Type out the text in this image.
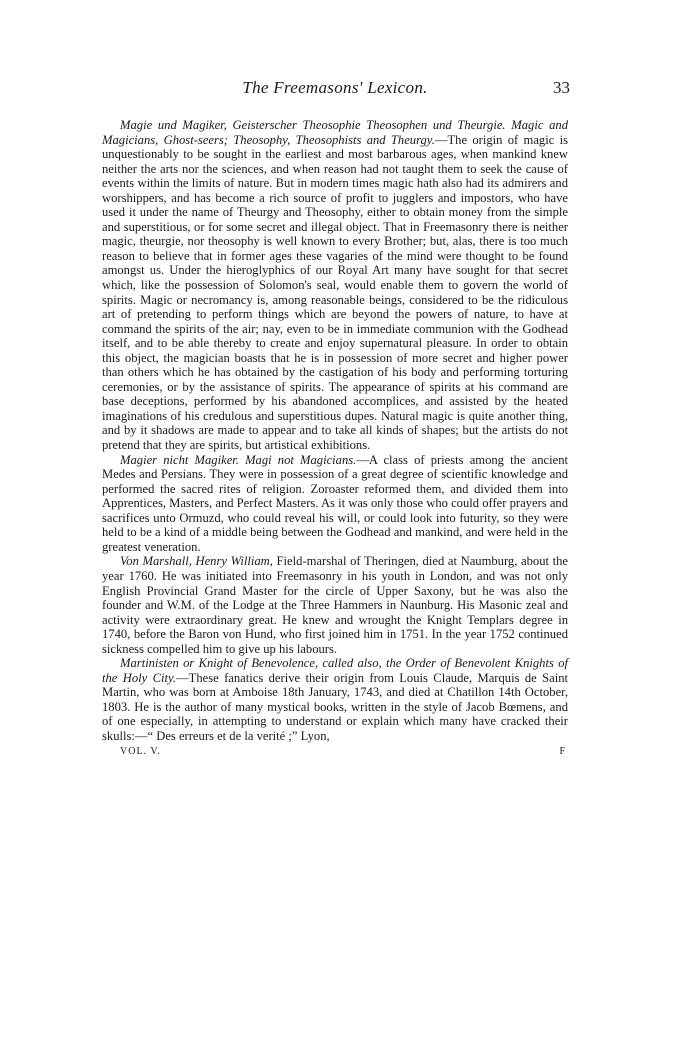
The Freemasons' Lexicon.	33

Magie und Magiker, Geisterscher Theosophie Theosophen und Theurgie. Magic and Magicians, Ghost-seers; Theosophy, Theosophists and Theurgy.—The origin of magic is unquestionably to be sought in the earliest and most barbarous ages, when mankind knew neither the arts nor the sciences, and when reason had not taught them to seek the cause of events within the limits of nature. But in modern times magic hath also had its admirers and worshippers, and has become a rich source of profit to jugglers and impostors, who have used it under the name of Theurgy and Theosophy, either to obtain money from the simple and superstitious, or for some secret and illegal object. That in Freemasonry there is neither magic, theurgie, nor theosophy is well known to every Brother; but, alas, there is too much reason to believe that in former ages these vagaries of the mind were thought to be found amongst us. Under the hieroglyphics of our Royal Art many have sought for that secret which, like the possession of Solomon's seal, would enable them to govern the world of spirits. Magic or necromancy is, among reasonable beings, considered to be the ridiculous art of pretending to perform things which are beyond the powers of nature, to have at command the spirits of the air; nay, even to be in immediate communion with the Godhead itself, and to be able thereby to create and enjoy supernatural pleasure. In order to obtain this object, the magician boasts that he is in possession of more secret and higher power than others which he has obtained by the castigation of his body and performing torturing ceremonies, or by the assistance of spirits. The appearance of spirits at his command are base deceptions, performed by his abandoned accomplices, and assisted by the heated imaginations of his credulous and superstitious dupes. Natural magic is quite another thing, and by it shadows are made to appear and to take all kinds of shapes; but the artists do not pretend that they are spirits, but artistical exhibitions.

Magier nicht Magiker. Magi not Magicians.—A class of priests among the ancient Medes and Persians. They were in possession of a great degree of scientific knowledge and performed the sacred rites of religion. Zoroaster reformed them, and divided them into Apprentices, Masters, and Perfect Masters. As it was only those who could offer prayers and sacrifices unto Ormuzd, who could reveal his will, or could look into futurity, so they were held to be a kind of a middle being between the Godhead and mankind, and were held in the greatest veneration.

Von Marshall, Henry William, Field-marshal of Theringen, died at Naumburg, about the year 1760. He was initiated into Freemasonry in his youth in London, and was not only English Provincial Grand Master for the circle of Upper Saxony, but he was also the founder and W.M. of the Lodge at the Three Hammers in Naunburg. His Masonic zeal and activity were extraordinary great. He knew and wrought the Knight Templars degree in 1740, before the Baron von Hund, who first joined him in 1751. In the year 1752 continued sickness compelled him to give up his labours.

Martinisten or Knight of Benevolence, called also, the Order of Benevolent Knights of the Holy City.—These fanatics derive their origin from Louis Claude, Marquis de Saint Martin, who was born at Amboise 18th January, 1743, and died at Chatillon 14th October, 1803. He is the author of many mystical books, written in the style of Jacob Bœmens, and of one especially, in attempting to understand or explain which many have cracked their skulls:—“ Des erreurs et de la verité ;” Lyon,

VOL. V.	F
